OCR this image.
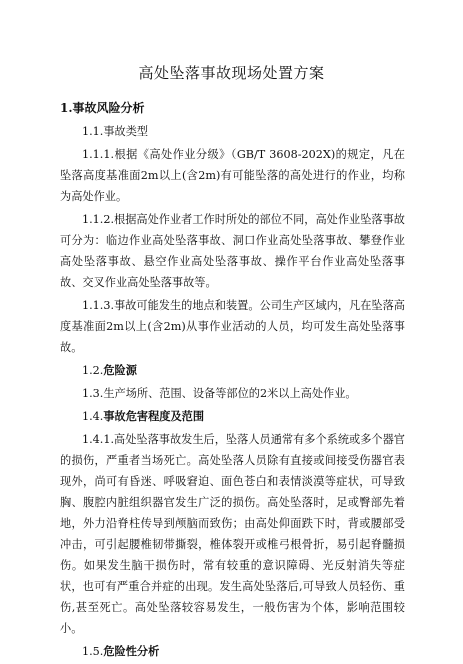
高处坠落事故现场处置方案

1.事故风险分析

1.1.事故类型

1.1.1.根据《高处作业分级》（GB/T 3608-202X)的规定，凡在坠落高度基准面2m以上(含2m)有可能坠落的高处进行的作业，均称为高处作业。

1.1.2.根据高处作业者工作时所处的部位不同，高处作业坠落事故可分为：临边作业高处坠落事故、洞口作业高处坠落事故、攀登作业高处坠落事故、悬空作业高处坠落事故、操作平台作业高处坠落事故、交叉作业高处坠落事故等。

1.1.3.事故可能发生的地点和装置。公司生产区域内，凡在坠落高度基准面2m以上(含2m)从事作业活动的人员，均可发生高处坠落事故。

1.2.危险源

1.3.生产场所、范围、设备等部位的2米以上高处作业。

1.4.事故危害程度及范围

1.4.1.高处坠落事故发生后，坠落人员通常有多个系统或多个器官的损伤，严重者当场死亡。高处坠落人员除有直接或间接受伤器官表现外，尚可有昏迷、呼吸窘迫、面色苍白和表情淡漠等症状，可导致胸、腹腔内脏组织器官发生广泛的损伤。高处坠落时，足或臀部先着地，外力沿脊柱传导到颅脑而致伤；由高处仰面跌下时，背或腰部受冲击，可引起腰椎韧带撕裂，椎体裂开或椎弓根骨折，易引起脊髓损伤。如果发生脑干损伤时，常有较重的意识障碍、光反射消失等症状，也可有严重合并症的出现。发生高处坠落后,可导致人员轻伤、重伤,甚至死亡。高处坠落较容易发生，一般伤害为个体，影响范围较小。

1.5.危险性分析
